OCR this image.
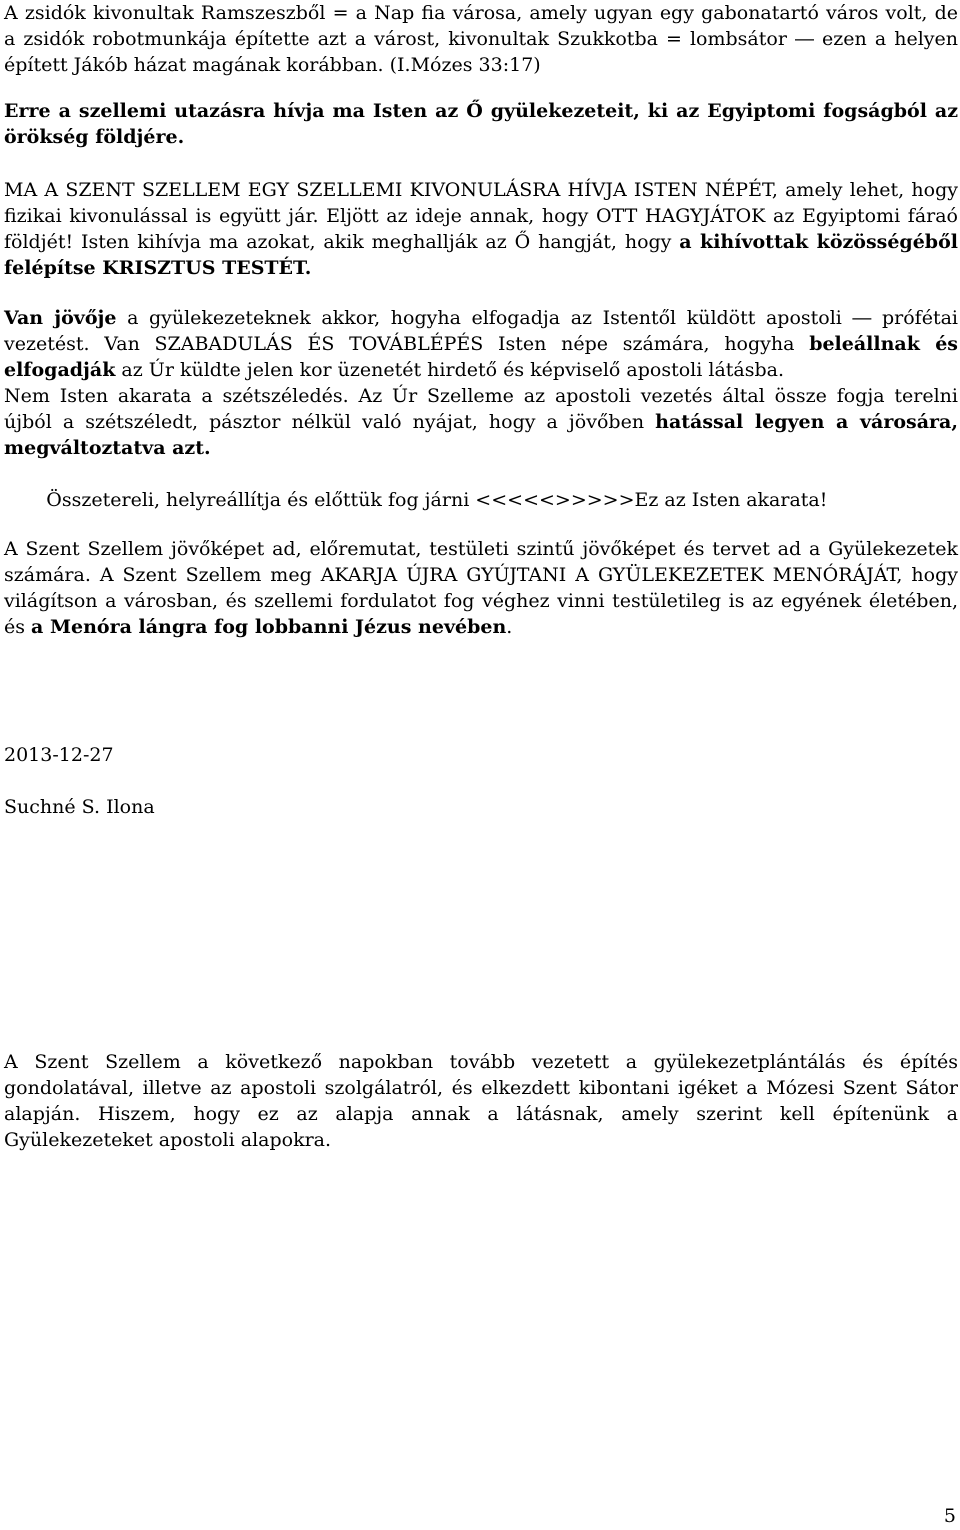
A zsidók kivonultak Ramszeszből = a Nap fia városa, amely ugyan egy gabonatartó város volt, de a zsidók robotmunkája építette azt a várost, kivonultak Szukkotba = lombsátor ― ezen a helyen épített Jákób házat magának korábban. (I.Mózes 33:17)

Erre a szellemi utazásra hívja ma Isten az Ő gyülekezeteit, ki az Egyiptomi fogságból az örökség földjére.

MA A SZENT SZELLEM EGY SZELLEMI KIVONULÁSRA HÍVJA ISTEN NÉPÉT, amely lehet, hogy fizikai kivonulással is együtt jár. Eljött az ideje annak, hogy OTT HAGYJÁTOK az Egyiptomi fáraó földjét! Isten kihívja ma azokat, akik meghallják az Ő hangját, hogy a kihívottak közösségéből felépítse KRISZTUS TESTÉT.

Van jövője a gyülekezeteknek akkor, hogyha elfogadja az Istentől küldött apostoli ― prófétai vezetést. Van SZABADULÁS ÉS TOVÁBLÉPÉS Isten népe számára, hogyha beleállnak és elfogadják az Úr küldte jelen kor üzenetét hirdető és képviselő apostoli látásba.

Nem Isten akarata a szétszéledés. Az Úr Szelleme az apostoli vezetés által össze fogja terelni újból a szétszéledt, pásztor nélkül való nyájat, hogy a jövőben hatással legyen a városára, megváltoztatva azt.

Összetereli, helyreállítja és előttük fog járni <<<<<>>>>>Ez az Isten akarata!

A Szent Szellem jövőképet ad, előremutat, testületi szintű jövőképet és tervet ad a Gyülekezetek számára. A Szent Szellem meg AKARJA ÚJRA GYÚJTANI A GYÜLEKEZETEK MENÓRÁJÁT, hogy világítson a városban, és szellemi fordulatot fog véghez vinni testületileg is az egyének életében, és a Menóra lángra fog lobbanni Jézus nevében.

2013-12-27
Suchné S. Ilona

A Szent Szellem a következő napokban tovább vezetett a gyülekezetplántálás és építés gondolatával, illetve az apostoli szolgálatról, és elkezdett kibontani igéket a Mózesi Szent Sátor alapján. Hiszem, hogy ez az alapja annak a látásnak, amely szerint kell építenünk a Gyülekezeteket apostoli alapokra.

5
